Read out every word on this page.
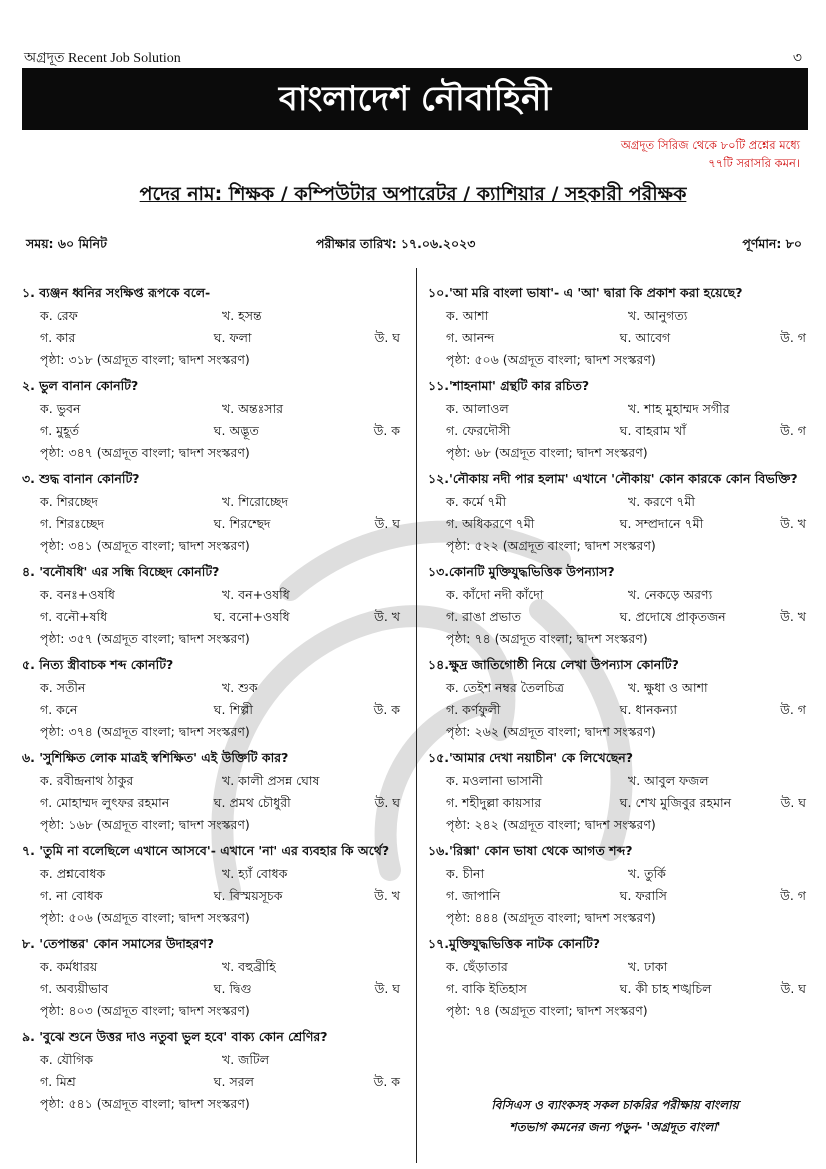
অগ্রদূত Recent Job Solution	৩
বাংলাদেশ নৌবাহিনী
অগ্রদূত সিরিজ থেকে ৮০টি প্রশ্নের মধ্যে
৭৭টি সরাসরি কমন।
পদের নাম: শিক্ষক / কম্পিউটার অপারেটর / ক্যাশিয়ার / সহকারী পরীক্ষক
সময়: ৬০ মিনিট	পরীক্ষার তারিখ: ১৭.০৬.২০২৩	পূর্ণমান: ৮০
১. ব্যঞ্জন ধ্বনির সংক্ষিপ্ত রূপকে বলে-
ক. রেফ	খ. হসন্ত
গ. কার	ঘ. ফলা	উ. ঘ
পৃষ্ঠা: ৩১৮ (অগ্রদূত বাংলা; দ্বাদশ সংস্করণ)
২. ভুল বানান কোনটি?
ক. ভুবন	খ. অন্তঃসার
গ. মুহূর্ত	ঘ. অদ্ভূত	উ. ক
পৃষ্ঠা: ৩৪৭ (অগ্রদূত বাংলা; দ্বাদশ সংস্করণ)
৩. শুদ্ধ বানান কোনটি?
ক. শিরচ্ছেদ	খ. শিরোচ্ছেদ
গ. শিরঃচ্ছেদ	ঘ. শিরশ্ছেদ	উ. ঘ
পৃষ্ঠা: ৩৪১ (অগ্রদূত বাংলা; দ্বাদশ সংস্করণ)
৪. 'বনৌষধি' এর সন্ধি বিচ্ছেদ কোনটি?
ক. বনঃ+ওষধি	খ. বন+ওষধি
গ. বনৌ+ষধি	ঘ. বনো+ওষধি	উ. খ
পৃষ্ঠা: ৩৫৭ (অগ্রদূত বাংলা; দ্বাদশ সংস্করণ)
৫. নিত্য স্ত্রীবাচক শব্দ কোনটি?
ক. সতীন	খ. শুক
গ. কনে	ঘ. শিল্পী	উ. ক
পৃষ্ঠা: ৩৭৪ (অগ্রদূত বাংলা; দ্বাদশ সংস্করণ)
৬. 'সুশিক্ষিত লোক মাত্রই স্বশিক্ষিত' এই উক্তিটি কার?
ক. রবীন্দ্রনাথ ঠাকুর	খ. কালী প্রসন্ন ঘোষ
গ. মোহাম্মদ লুৎফর রহমান	ঘ. প্রমথ চৌধুরী	উ. ঘ
পৃষ্ঠা: ১৬৮ (অগ্রদূত বাংলা; দ্বাদশ সংস্করণ)
৭. 'তুমি না বলেছিলে এখানে আসবে'- এখানে 'না' এর ব্যবহার কি অর্থে?
ক. প্রশ্নবোধক	খ. হ্যাঁ বোধক
গ. না বোধক	ঘ. বিস্ময়সূচক	উ. খ
পৃষ্ঠা: ৫০৬ (অগ্রদূত বাংলা; দ্বাদশ সংস্করণ)
৮. 'তেপান্তর' কোন সমাসের উদাহরণ?
ক. কর্মধারয়	খ. বহুব্রীহি
গ. অব্যয়ীভাব	ঘ. দ্বিগু	উ. ঘ
পৃষ্ঠা: ৪০৩ (অগ্রদূত বাংলা; দ্বাদশ সংস্করণ)
৯. 'বুঝে শুনে উত্তর দাও নতুবা ভুল হবে' বাক্য কোন শ্রেণির?
ক. যৌগিক	খ. জটিল
গ. মিশ্র	ঘ. সরল	উ. ক
পৃষ্ঠা: ৫৪১ (অগ্রদূত বাংলা; দ্বাদশ সংস্করণ)
১০.'আ মরি বাংলা ভাষা'- এ 'আ' দ্বারা কি প্রকাশ করা হয়েছে?
ক. আশা	খ. আনুগত্য
গ. আনন্দ	ঘ. আবেগ	উ. গ
পৃষ্ঠা: ৫০৬ (অগ্রদূত বাংলা; দ্বাদশ সংস্করণ)
১১.'শাহনামা' গ্রন্থটি কার রচিত?
ক. আলাওল	খ. শাহ মুহাম্মদ সগীর
গ. ফেরদৌসী	ঘ. বাহরাম খাঁ	উ. গ
পৃষ্ঠা: ৬৮ (অগ্রদূত বাংলা; দ্বাদশ সংস্করণ)
১২.'নৌকায় নদী পার হলাম' এখানে 'নৌকায়' কোন কারকে কোন বিভক্তি?
ক. কর্মে ৭মী	খ. করণে ৭মী
গ. অধিকরণে ৭মী	ঘ. সম্প্রদানে ৭মী	উ. খ
পৃষ্ঠা: ৫২২ (অগ্রদূত বাংলা; দ্বাদশ সংস্করণ)
১৩.কোনটি মুক্তিযুদ্ধভিত্তিক উপন্যাস?
ক. কাঁদো নদী কাঁদো	খ. নেকড়ে অরণ্য
গ. রাঙা প্রভাত	ঘ. প্রদোষে প্রাকৃতজন	উ. খ
পৃষ্ঠা: ৭৪ (অগ্রদূত বাংলা; দ্বাদশ সংস্করণ)
১৪.ক্ষুদ্র জাতিগোষ্ঠী নিয়ে লেখা উপন্যাস কোনটি?
ক. তেইশ নম্বর তৈলচিত্র	খ. ক্ষুধা ও আশা
গ. কর্ণফুলী	ঘ. ধানকন্যা	উ. গ
পৃষ্ঠা: ২৬২ (অগ্রদূত বাংলা; দ্বাদশ সংস্করণ)
১৫.'আমার দেখা নয়াচীন' কে লিখেছেন?
ক. মওলানা ভাসানী	খ. আবুল ফজল
গ. শহীদুল্লা কায়সার	ঘ. শেখ মুজিবুর রহমান	উ. ঘ
পৃষ্ঠা: ২৪২ (অগ্রদূত বাংলা; দ্বাদশ সংস্করণ)
১৬.'রিক্সা' কোন ভাষা থেকে আগত শব্দ?
ক. চীনা	খ. তুর্কি
গ. জাপানি	ঘ. ফরাসি	উ. গ
পৃষ্ঠা: ৪৪৪ (অগ্রদূত বাংলা; দ্বাদশ সংস্করণ)
১৭.মুক্তিযুদ্ধভিত্তিক নাটক কোনটি?
ক. ছেঁড়াতার	খ. ঢাকা
গ. বাকি ইতিহাস	ঘ. কী চাহ শঙ্খচিল	উ. ঘ
পৃষ্ঠা: ৭৪ (অগ্রদূত বাংলা; দ্বাদশ সংস্করণ)
বিসিএস ও ব্যাংকসহ সকল চাকরির পরীক্ষায় বাংলায়
শতভাগ কমনের জন্য পড়ুন- 'অগ্রদূত বাংলা'
